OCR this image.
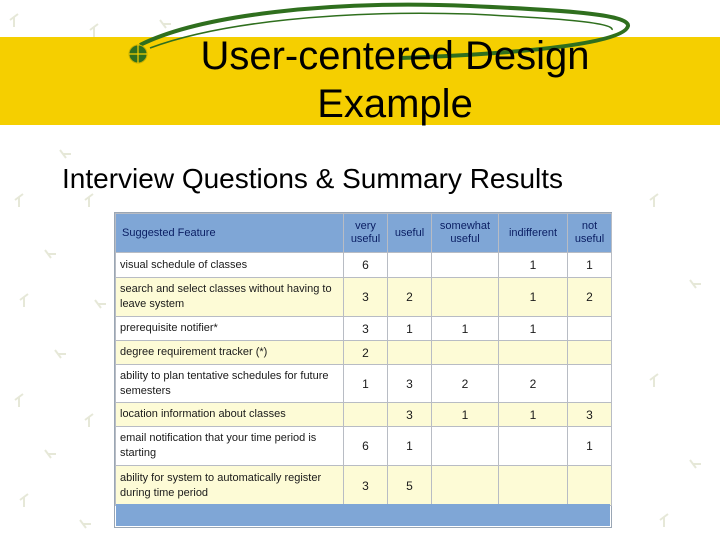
User-centered Design
Example
Interview Questions & Summary Results
Suggested Feature	very useful	useful	somewhat useful	indifferent	not useful
visual schedule of classes	6			1	1
search and select classes without having to leave system	3	2		1	2
prerequisite notifier*	3	1	1	1	
degree requirement tracker (*)	2				
ability to plan tentative schedules for future semesters	1	3	2	2	
location information about classes		3	1	1	3
email notification that your time period is starting	6	1			1
ability for system to automatically register during time period	3	5			
